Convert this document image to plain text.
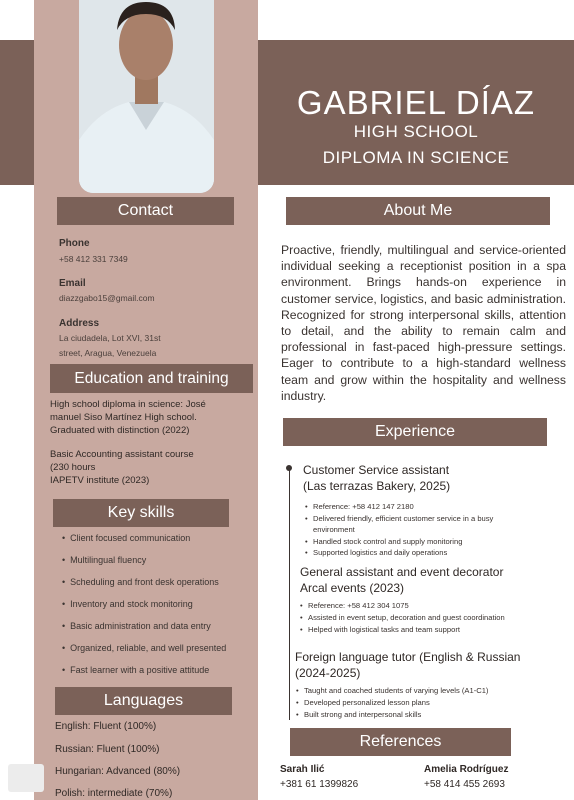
GABRIEL DÍAZ
HIGH SCHOOL
DIPLOMA IN SCIENCE
Contact
Phone
+58 412 331 7349
Email
diazzgabo15@gmail.com
Address
La ciudadela, Lot XVI, 31st
street, Aragua, Venezuela
Education and training
High school diploma in science: José
manuel Siso Martínez High school.
Graduated with distinction (2022)
Basic Accounting assistant course
(230 hours
IAPETV institute (2023)
Key skills
• Client focused communication
• Multilingual fluency
• Scheduling and front desk operations
• Inventory and stock monitoring
• Basic administration and data entry
• Organized, reliable, and well presented
• Fast learner with a positive attitude
Languages
English: Fluent (100%)
Russian: Fluent (100%)
Hungarian: Advanced (80%)
Polish: intermediate (70%)
About Me
Proactive, friendly, multilingual and service-oriented individual seeking a receptionist position in a spa environment. Brings hands-on experience in customer service, logistics, and basic administration. Recognized for strong interpersonal skills, attention to detail, and the ability to remain calm and professional in fast-paced high-pressure settings. Eager to contribute to a high-standard wellness team and grow within the hospitality and wellness industry.
Experience
Customer Service assistant
(Las terrazas Bakery, 2025)
• Reference: +58 412 147 2180
• Delivered friendly, efficient customer service in a busy
environment
• Handled stock control and supply monitoring
• Supported logistics and daily operations
General assistant and event decorator
Arcal events (2023)
• Reference: +58 412 304 1075
• Assisted in event setup, decoration and guest coordination
• Helped with logistical tasks and team support
Foreign language tutor (English & Russian
(2024-2025)
• Taught and coached students of varying levels (A1-C1)
• Developed personalized lesson plans
• Built strong and interpersonal skills
References
Sarah Ilić
+381 61 1399826
Amelia Rodríguez
+58 414 455 2693
